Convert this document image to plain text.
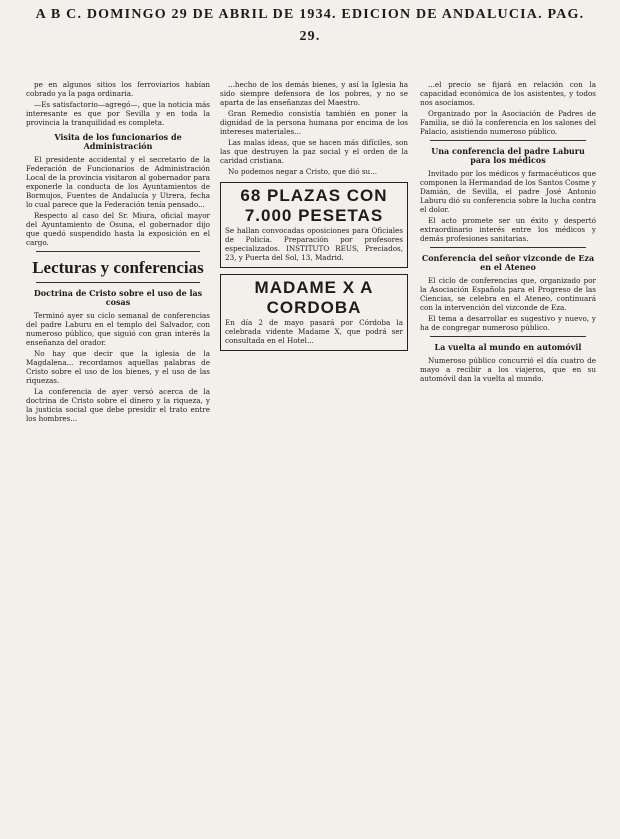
A B C. DOMINGO 29 DE ABRIL DE 1934. EDICION DE ANDALUCIA. PAG. 29.

pe en algunos sitios los ferroviarios habían cobrado ya la paga ordinaria.

—Es satisfactorio—agregó—, que la noticia más interesante es que por Sevilla y en toda la provincia la tranquilidad es completa.

Visita de los funcionarios de Administración

El presidente accidental y el secretario de la Federación de Funcionarios de Administración Local de la provincia visitaron al gobernador para exponerle la conducta de los Ayuntamientos de Bormujos, Fuentes de Andalucía y Utrera, fecha lo cual parece que la Federación tenía pensado...

Respecto al caso del Sr. Miura, oficial mayor del Ayuntamiento de Osuna, el gobernador dijo que quedó suspendido hasta la exposición en el cargo.

Lecturas y conferencias

Doctrina de Cristo sobre el uso de las cosas

Terminó ayer su ciclo semanal de conferencias del padre Laburu en el templo del Salvador, con numeroso público, que siguió con gran interés la enseñanza del orador.

No hay que decir que la iglesia de la Magdalena... recordamos aquellas palabras de Cristo sobre el uso de los bienes, y el uso de las riquezas.

La conferencia de ayer versó acerca de la doctrina de Cristo sobre el dinero y la riqueza, y la justicia social que debe presidir el trato entre los hombres...

...hecho de los demás bienes, y así la Iglesia ha sido siempre defensora de los pobres, y no se aparta de las enseñanzas del Maestro.

Gran Remedio consistía también en poner la dignidad de la persona humana por encima de los intereses materiales...

Las malas ideas, que se hacen más difíciles, son las que destruyen la paz social y el orden de la caridad cristiana.

No podemos negar a Cristo, que dió su...

68 PLAZAS CON 7.000 PESETAS

Se hallan convocadas oposiciones para Oficiales de Policía. Preparación por profesores especializados. INSTITUTO REUS, Preciados, 23, y Puerta del Sol, 13, Madrid.

MADAME X A CORDOBA

En día 2 de mayo pasará por Córdoba la celebrada vidente Madame X, que podrá ser consultada en el Hotel...

...el precio se fijará en relación con la capacidad económica de los asistentes, y todos nos asociamos.

Organizado por la Asociación de Padres de Familia, se dió la conferencia en los salones del Palacio, asistiendo numeroso público.

Una conferencia del padre Laburu para los médicos

Invitado por los médicos y farmacéuticos que componen la Hermandad de los Santos Cosme y Damián, de Sevilla, el padre José Antonio Laburu dió su conferencia sobre la lucha contra el dolor.

El acto promete ser un éxito y despertó extraordinario interés entre los médicos y demás profesiones sanitarias.

Conferencia del señor vizconde de Eza en el Ateneo

El ciclo de conferencias que, organizado por la Asociación Española para el Progreso de las Ciencias, se celebra en el Ateneo, continuará con la intervención del vizconde de Eza.

El tema a desarrollar es sugestivo y nuevo, y ha de congregar numeroso público.

La vuelta al mundo en automóvil

Numeroso público concurrió el día cuatro de mayo a recibir a los viajeros, que en su automóvil dan la vuelta al mundo.
